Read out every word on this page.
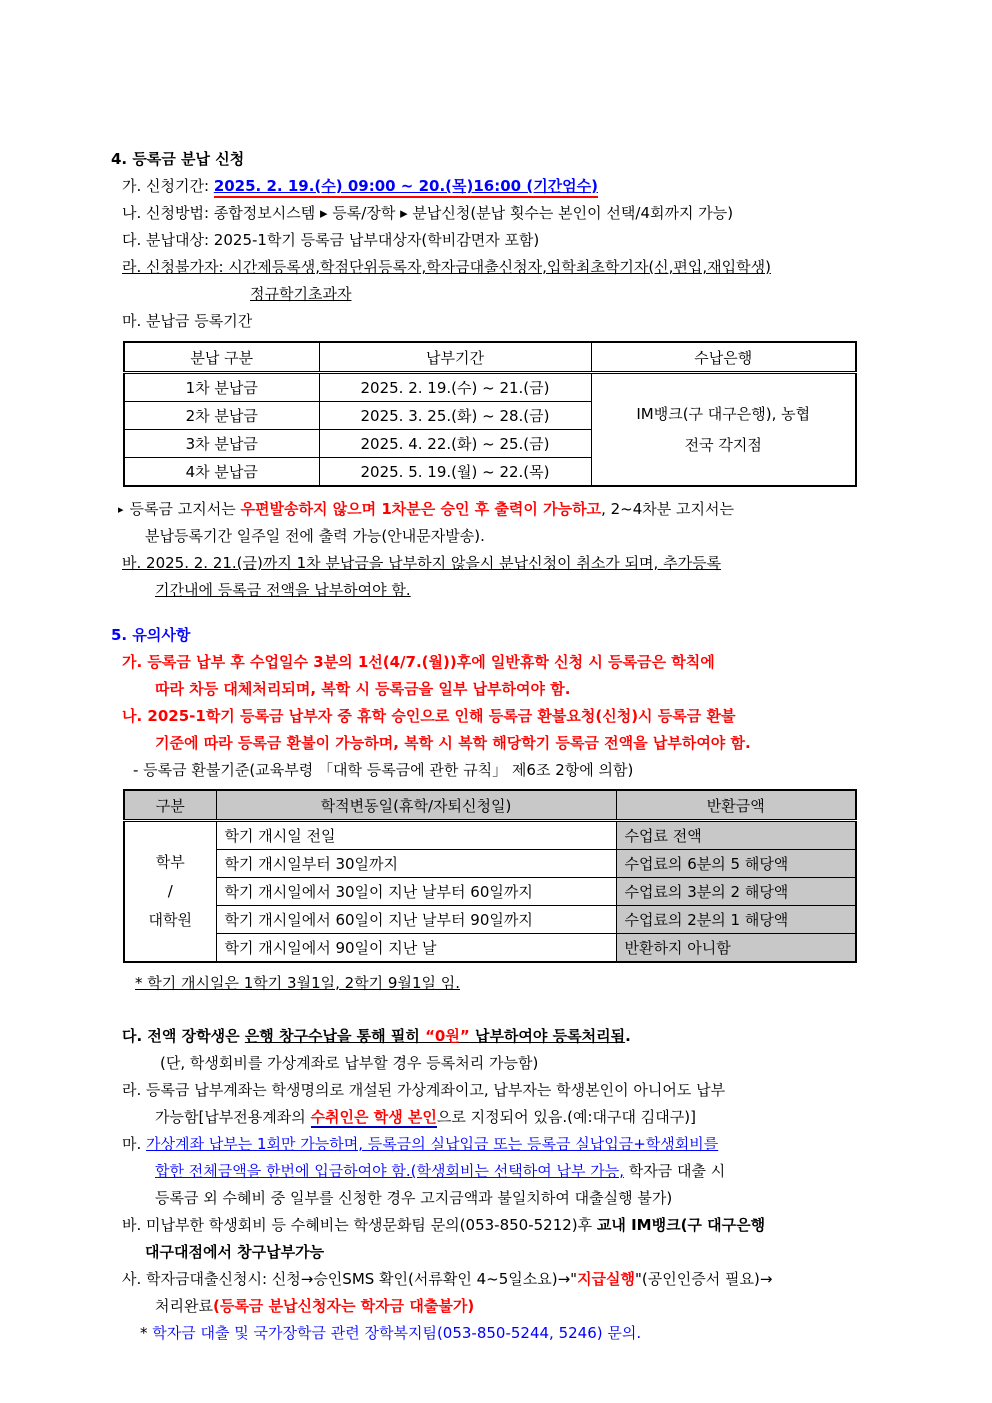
4. 등록금 분납 신청
가. 신청기간: 2025. 2. 19.(수) 09:00 ~ 20.(목)16:00 (기간엄수)
나. 신청방법: 종합정보시스템 ▸ 등록/장학 ▸ 분납신청(분납 횟수는 본인이 선택/4회까지 가능)
다. 분납대상: 2025-1학기 등록금 납부대상자(학비감면자 포함)
라. 신청불가자: 시간제등록생,학점단위등록자,학자금대출신청자,입학최초학기자(신,편입,재입학생)
정규학기초과자
마. 분납금 등록기간
분납 구분	납부기간	수납은행
1차 분납금	2025. 2. 19.(수) ~ 21.(금)	IM뱅크(구 대구은행), 농협
전국 각지점
2차 분납금	2025. 3. 25.(화) ~ 28.(금)	
3차 분납금	2025. 4. 22.(화) ~ 25.(금)	
4차 분납금	2025. 5. 19.(월) ~ 22.(목)	
▸ 등록금 고지서는 우편발송하지 않으며 1차분은 승인 후 출력이 가능하고, 2~4차분 고지서는
분납등록기간 일주일 전에 출력 가능(안내문자발송).
바. 2025. 2. 21.(금)까지 1차 분납금을 납부하지 않을시 분납신청이 취소가 되며, 추가등록
기간내에 등록금 전액을 납부하여야 함.
5. 유의사항
가. 등록금 납부 후 수업일수 3분의 1선(4/7.(월))후에 일반휴학 신청 시 등록금은 학칙에
따라 차등 대체처리되며, 복학 시 등록금을 일부 납부하여야 함.
나. 2025-1학기 등록금 납부자 중 휴학 승인으로 인해 등록금 환불요청(신청)시 등록금 환불
기준에 따라 등록금 환불이 가능하며, 복학 시 복학 해당학기 등록금 전액을 납부하여야 함.
- 등록금 환불기준(교육부령 「대학 등록금에 관한 규칙」 제6조 2항에 의함)
구분	학적변동일(휴학/자퇴신청일)	반환금액
학부
/
대학원	학기 개시일 전일	수업료 전액
	학기 개시일부터 30일까지	수업료의 6분의 5 해당액
	학기 개시일에서 30일이 지난 날부터 60일까지	수업료의 3분의 2 해당액
	학기 개시일에서 60일이 지난 날부터 90일까지	수업료의 2분의 1 해당액
	학기 개시일에서 90일이 지난 날	반환하지 아니함
* 학기 개시일은 1학기 3월1일, 2학기 9월1일 임.
다. 전액 장학생은 은행 창구수납을 통해 필히 “0원” 납부하여야 등록처리됨.
(단, 학생회비를 가상계좌로 납부할 경우 등록처리 가능함)
라. 등록금 납부계좌는 학생명의로 개설된 가상계좌이고, 납부자는 학생본인이 아니어도 납부
가능함[납부전용계좌의 수취인은 학생 본인으로 지정되어 있음.(예:대구대 김대구)]
마. 가상계좌 납부는 1회만 가능하며, 등록금의 실납입금 또는 등록금 실납입금+학생회비를
합한 전체금액을 한번에 입금하여야 함.(학생회비는 선택하여 납부 가능, 학자금 대출 시
등록금 외 수혜비 중 일부를 신청한 경우 고지금액과 불일치하여 대출실행 불가)
바. 미납부한 학생회비 등 수혜비는 학생문화팀 문의(053-850-5212)후 교내 IM뱅크(구 대구은행
대구대점에서 창구납부가능
사. 학자금대출신청시: 신청→승인SMS 확인(서류확인 4~5일소요)→"지급실행"(공인인증서 필요)→
처리완료(등록금 분납신청자는 학자금 대출불가)
* 학자금 대출 및 국가장학금 관련 장학복지팀(053-850-5244, 5246) 문의.
